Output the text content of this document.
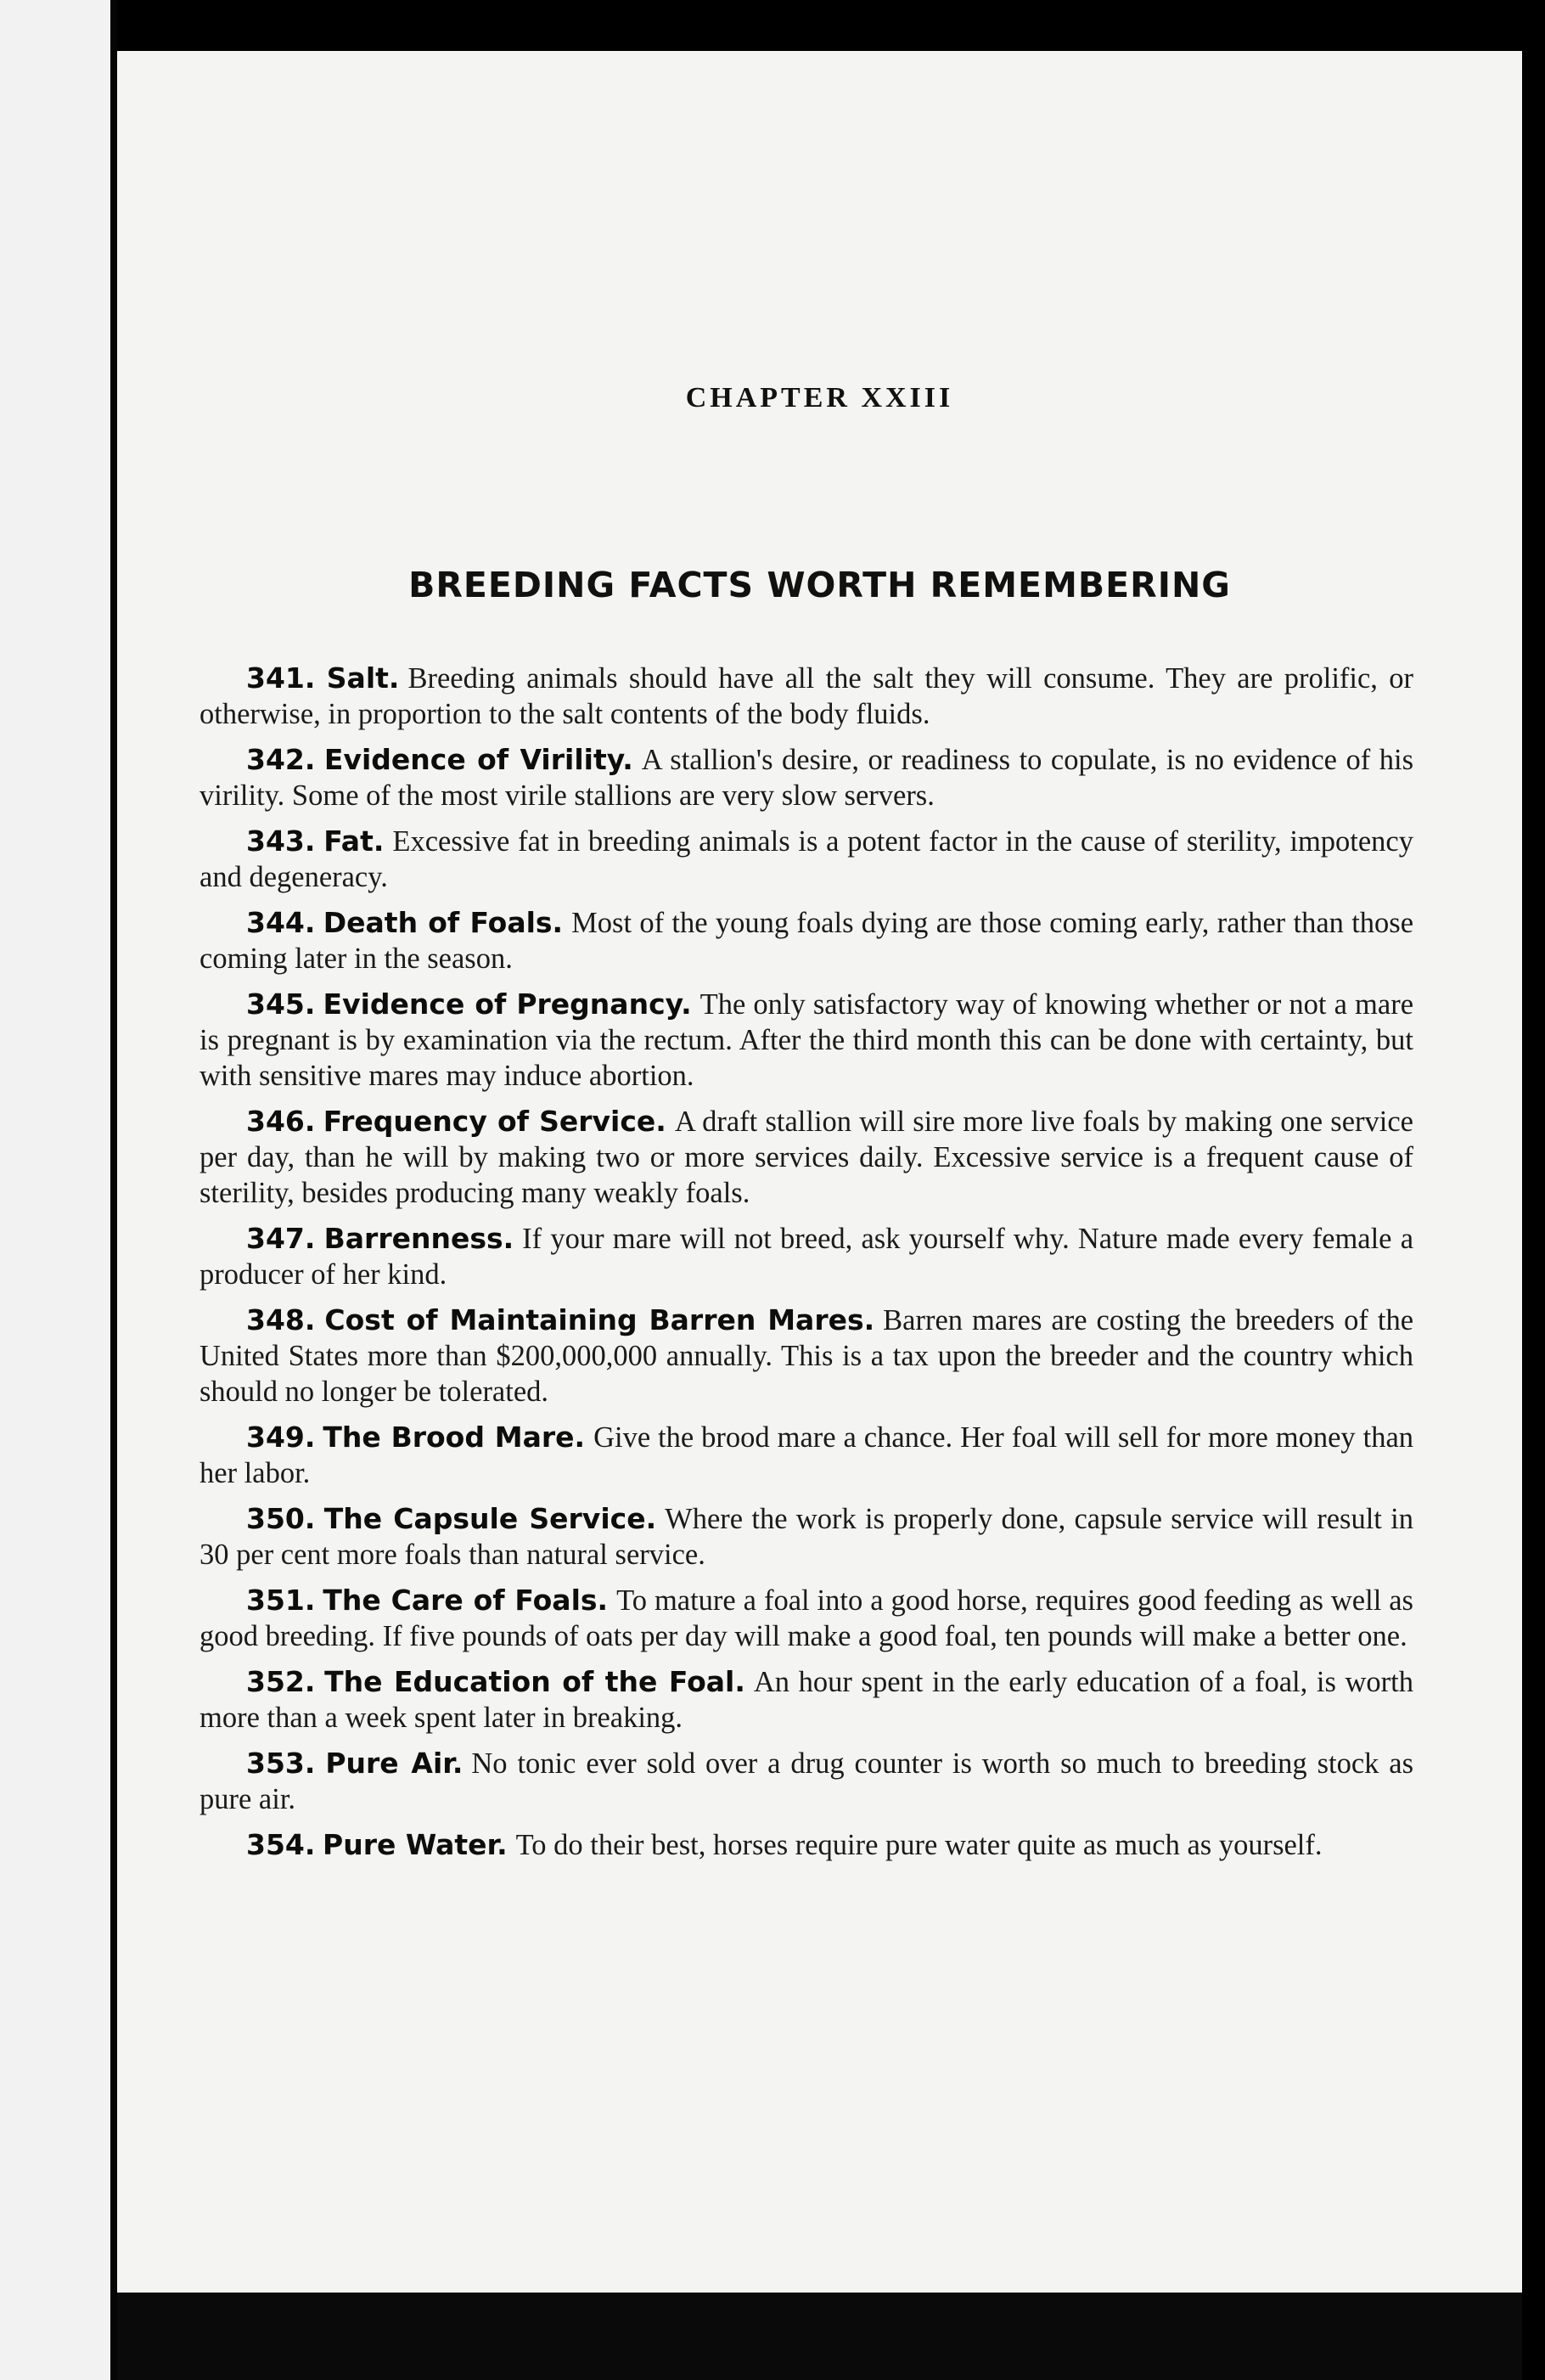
CHAPTER XXIII
BREEDING FACTS WORTH REMEMBERING

341. Salt. Breeding animals should have all the salt they will consume. They are prolific, or otherwise, in proportion to the salt contents of the body fluids.

342. Evidence of Virility. A stallion's desire, or readiness to copulate, is no evidence of his virility. Some of the most virile stallions are very slow servers.

343. Fat. Excessive fat in breeding animals is a potent factor in the cause of sterility, impotency and degeneracy.

344. Death of Foals. Most of the young foals dying are those coming early, rather than those coming later in the season.

345. Evidence of Pregnancy. The only satisfactory way of knowing whether or not a mare is pregnant is by examination via the rectum. After the third month this can be done with certainty, but with sensitive mares may induce abortion.

346. Frequency of Service. A draft stallion will sire more live foals by making one service per day, than he will by making two or more services daily. Excessive service is a frequent cause of sterility, besides producing many weakly foals.

347. Barrenness. If your mare will not breed, ask yourself why. Nature made every female a producer of her kind.

348. Cost of Maintaining Barren Mares. Barren mares are costing the breeders of the United States more than $200,000,000 annually. This is a tax upon the breeder and the country which should no longer be tolerated.

349. The Brood Mare. Give the brood mare a chance. Her foal will sell for more money than her labor.

350. The Capsule Service. Where the work is properly done, capsule service will result in 30 per cent more foals than natural service.

351. The Care of Foals. To mature a foal into a good horse, requires good feeding as well as good breeding. If five pounds of oats per day will make a good foal, ten pounds will make a better one.

352. The Education of the Foal. An hour spent in the early education of a foal, is worth more than a week spent later in breaking.

353. Pure Air. No tonic ever sold over a drug counter is worth so much to breeding stock as pure air.

354. Pure Water. To do their best, horses require pure water quite as much as yourself.
